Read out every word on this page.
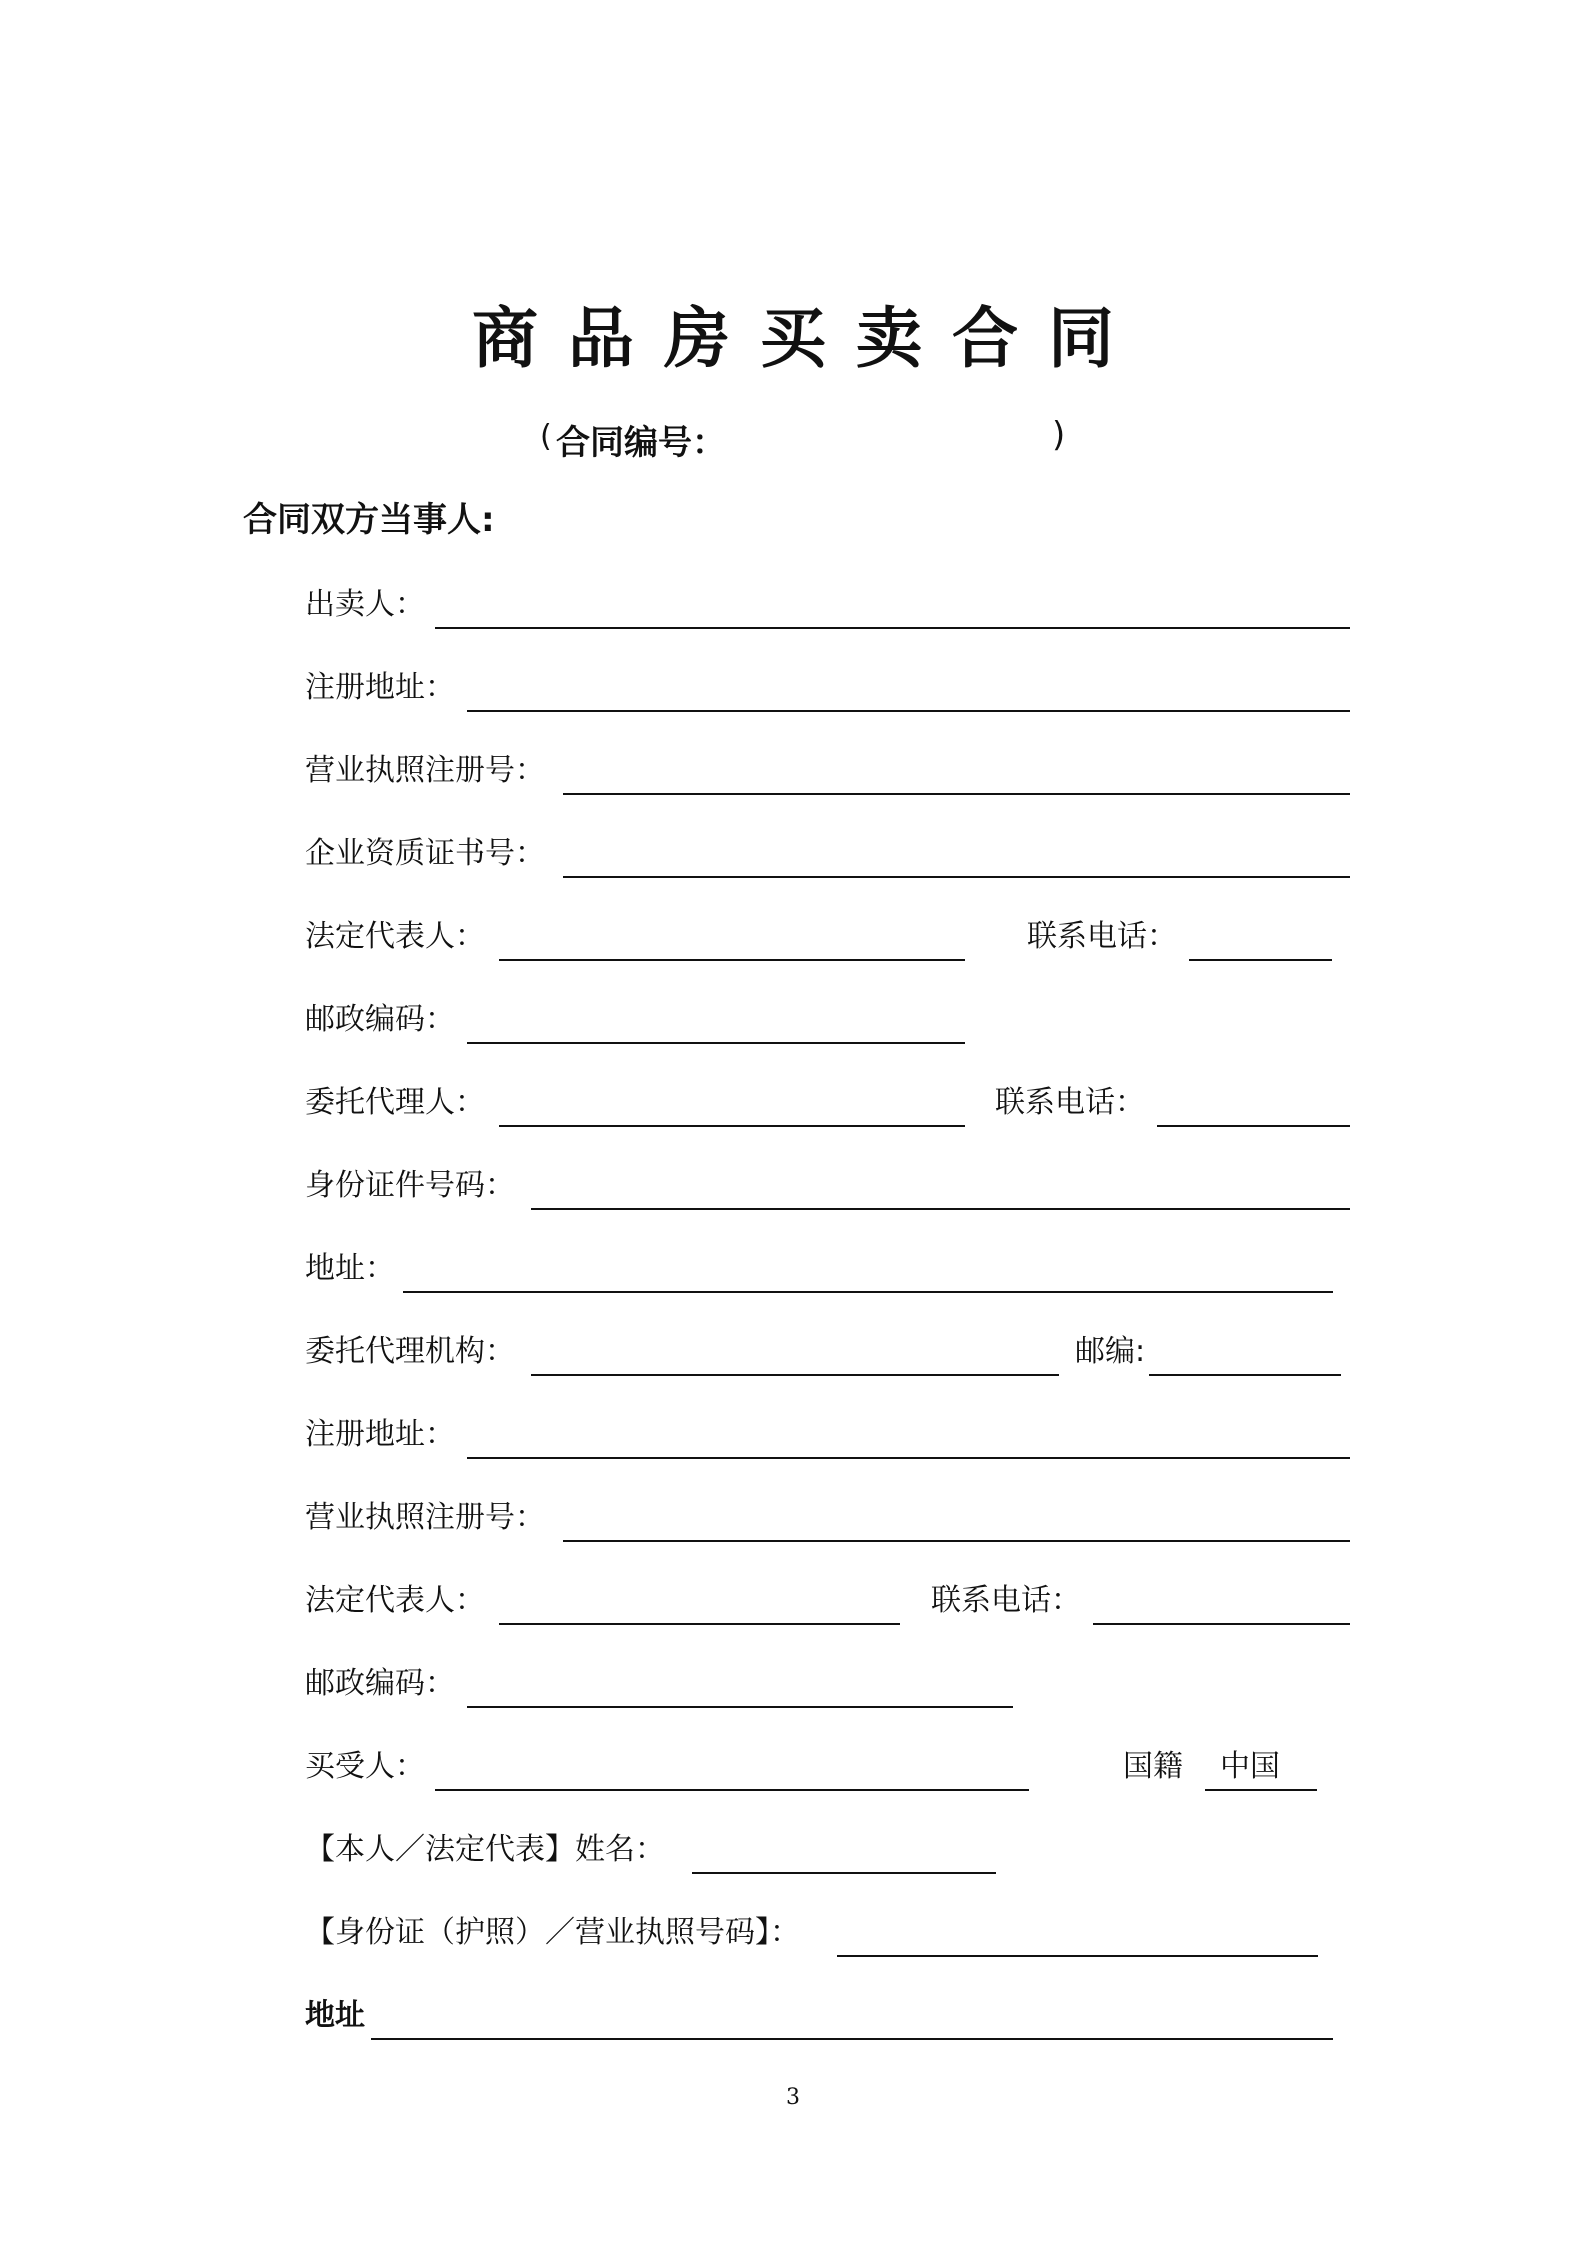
商品房买卖合同
( 合同编号：	)
合同双方当事人:
出卖人：
注册地址：
营业执照注册号：
企业资质证书号：
法定代表人：	联系电话：
邮政编码：
委托代理人：	联系电话：
身份证件号码：
地址：
委托代理机构：	邮编:
注册地址：
营业执照注册号：
法定代表人：	联系电话：
邮政编码：
买受人：	国籍 中国
【本人／法定代表】姓名：
【身份证（护照）／营业执照号码】：
地址
3
